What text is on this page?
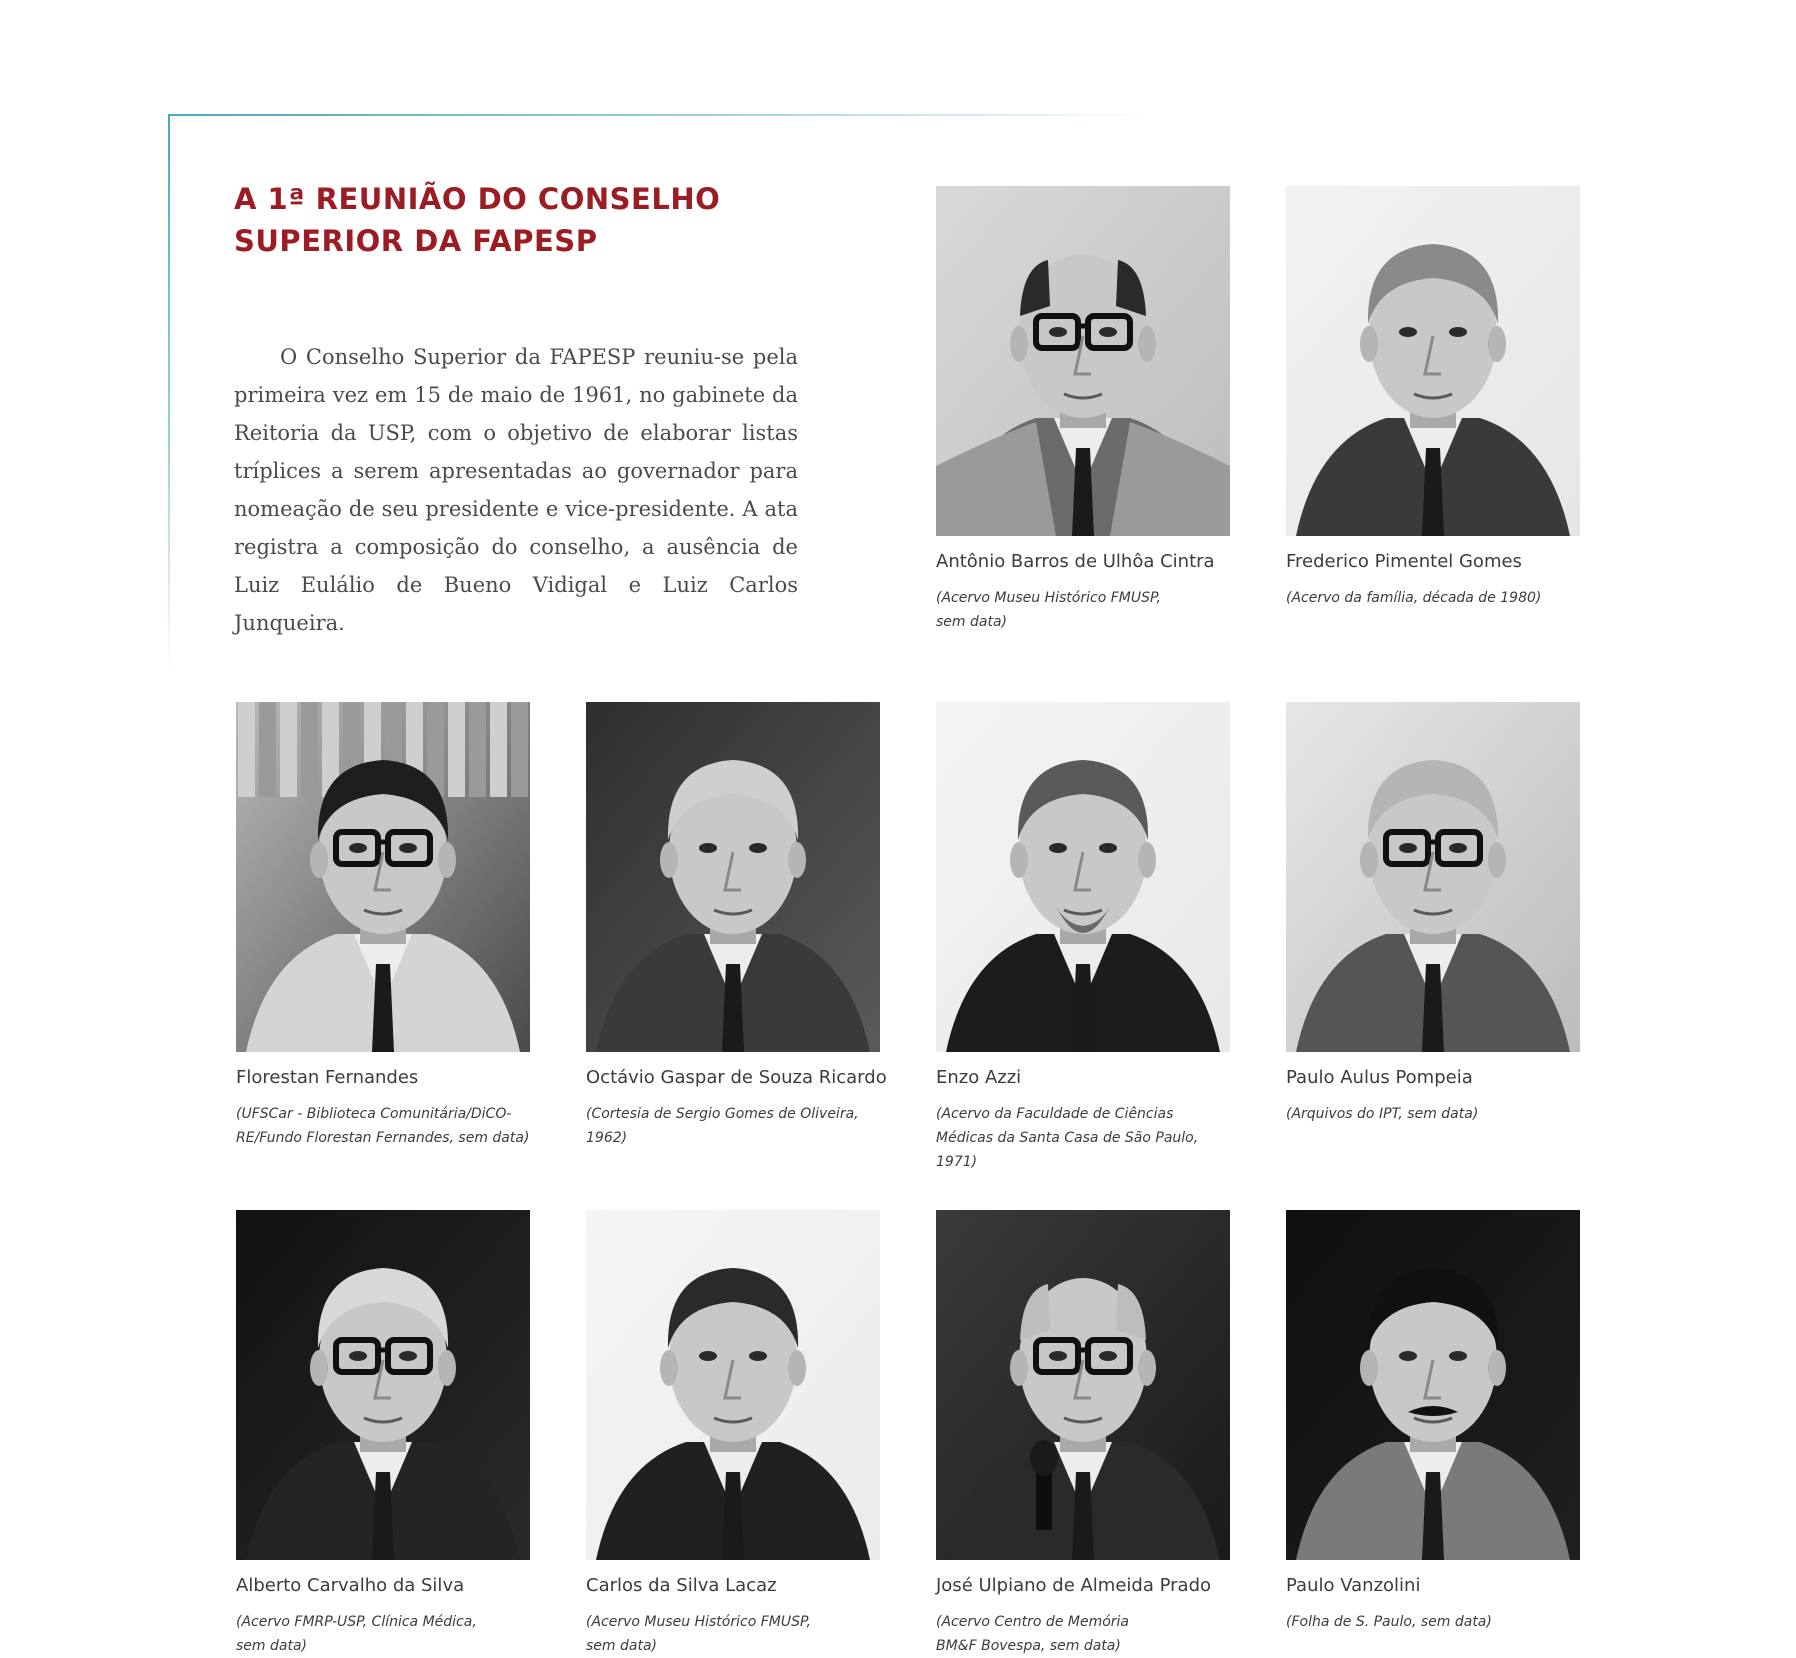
A 1ª REUNIÃO DO CONSELHO
SUPERIOR DA FAPESP

O Conselho Superior da FAPESP reuniu-se pela primeira vez em 15 de maio de 1961, no gabinete da Reitoria da USP, com o objetivo de elaborar listas tríplices a serem apresentadas ao governador para nomeação de seu presidente e vice-presidente. A ata registra a composição do conselho, a ausência de Luiz Eulálio de Bueno Vidigal e Luiz Carlos Junqueira.

Antônio Barros de Ulhôa Cintra
(Acervo Museu Histórico FMUSP, sem data)
Frederico Pimentel Gomes
(Acervo da família, década de 1980)
Florestan Fernandes
(UFSCar - Biblioteca Comunitária/DiCO-RE/Fundo Florestan Fernandes, sem data)
Octávio Gaspar de Souza Ricardo
(Cortesia de Sergio Gomes de Oliveira, 1962)
Enzo Azzi
(Acervo da Faculdade de Ciências Médicas da Santa Casa de São Paulo, 1971)
Paulo Aulus Pompeia
(Arquivos do IPT, sem data)
Alberto Carvalho da Silva
(Acervo FMRP-USP, Clínica Médica, sem data)
Carlos da Silva Lacaz
(Acervo Museu Histórico FMUSP, sem data)
José Ulpiano de Almeida Prado
(Acervo Centro de Memória BM&F Bovespa, sem data)
Paulo Vanzolini
(Folha de S. Paulo, sem data)
